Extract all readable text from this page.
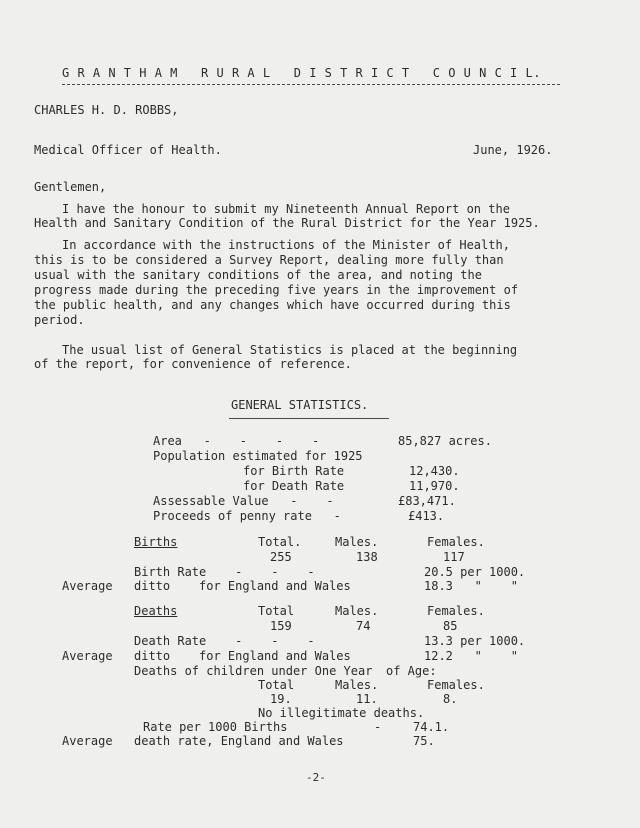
G R A N T H A M   R U R A L   D I S T R I C T   C O U N C I L.
CHARLES H. D. ROBBS,
Medical Officer of Health.	June, 1926.
Gentlemen,
I have the honour to submit my Nineteenth Annual Report on the
Health and Sanitary Condition of the Rural District for the Year 1925.
In accordance with the instructions of the Minister of Health,
this is to be considered a Survey Report, dealing more fully than
usual with the sanitary conditions of the area, and noting the
progress made during the preceding five years in the improvement of
the public health, and any changes which have occurred during this
period.
The usual list of General Statistics is placed at the beginning
of the report, for convenience of reference.
GENERAL STATISTICS.
Area   -    -    -    -	85,827 acres.
Population estimated for 1925
for Birth Rate	12,430.
for Death Rate	11,970.
Assessable Value   -    -	£83,471.
Proceeds of penny rate   -	£413.
Births	Total.	Males.	Females.
255	138	117
Birth Rate    -    -    -	20.5 per 1000.
Average ditto    for England and Wales	18.3   "    "
Deaths	Total	Males.	Females.
159	74	85
Death Rate    -    -    -	13.3 per 1000.
Average ditto    for England and Wales	12.2   "    "
Deaths of children under One Year of Age:
Total	Males.	Females.
19.	11.	8.
No illegitimate deaths.
Rate per 1000 Births	-	74.1.
Average death rate, England and Wales	75.
-2-
